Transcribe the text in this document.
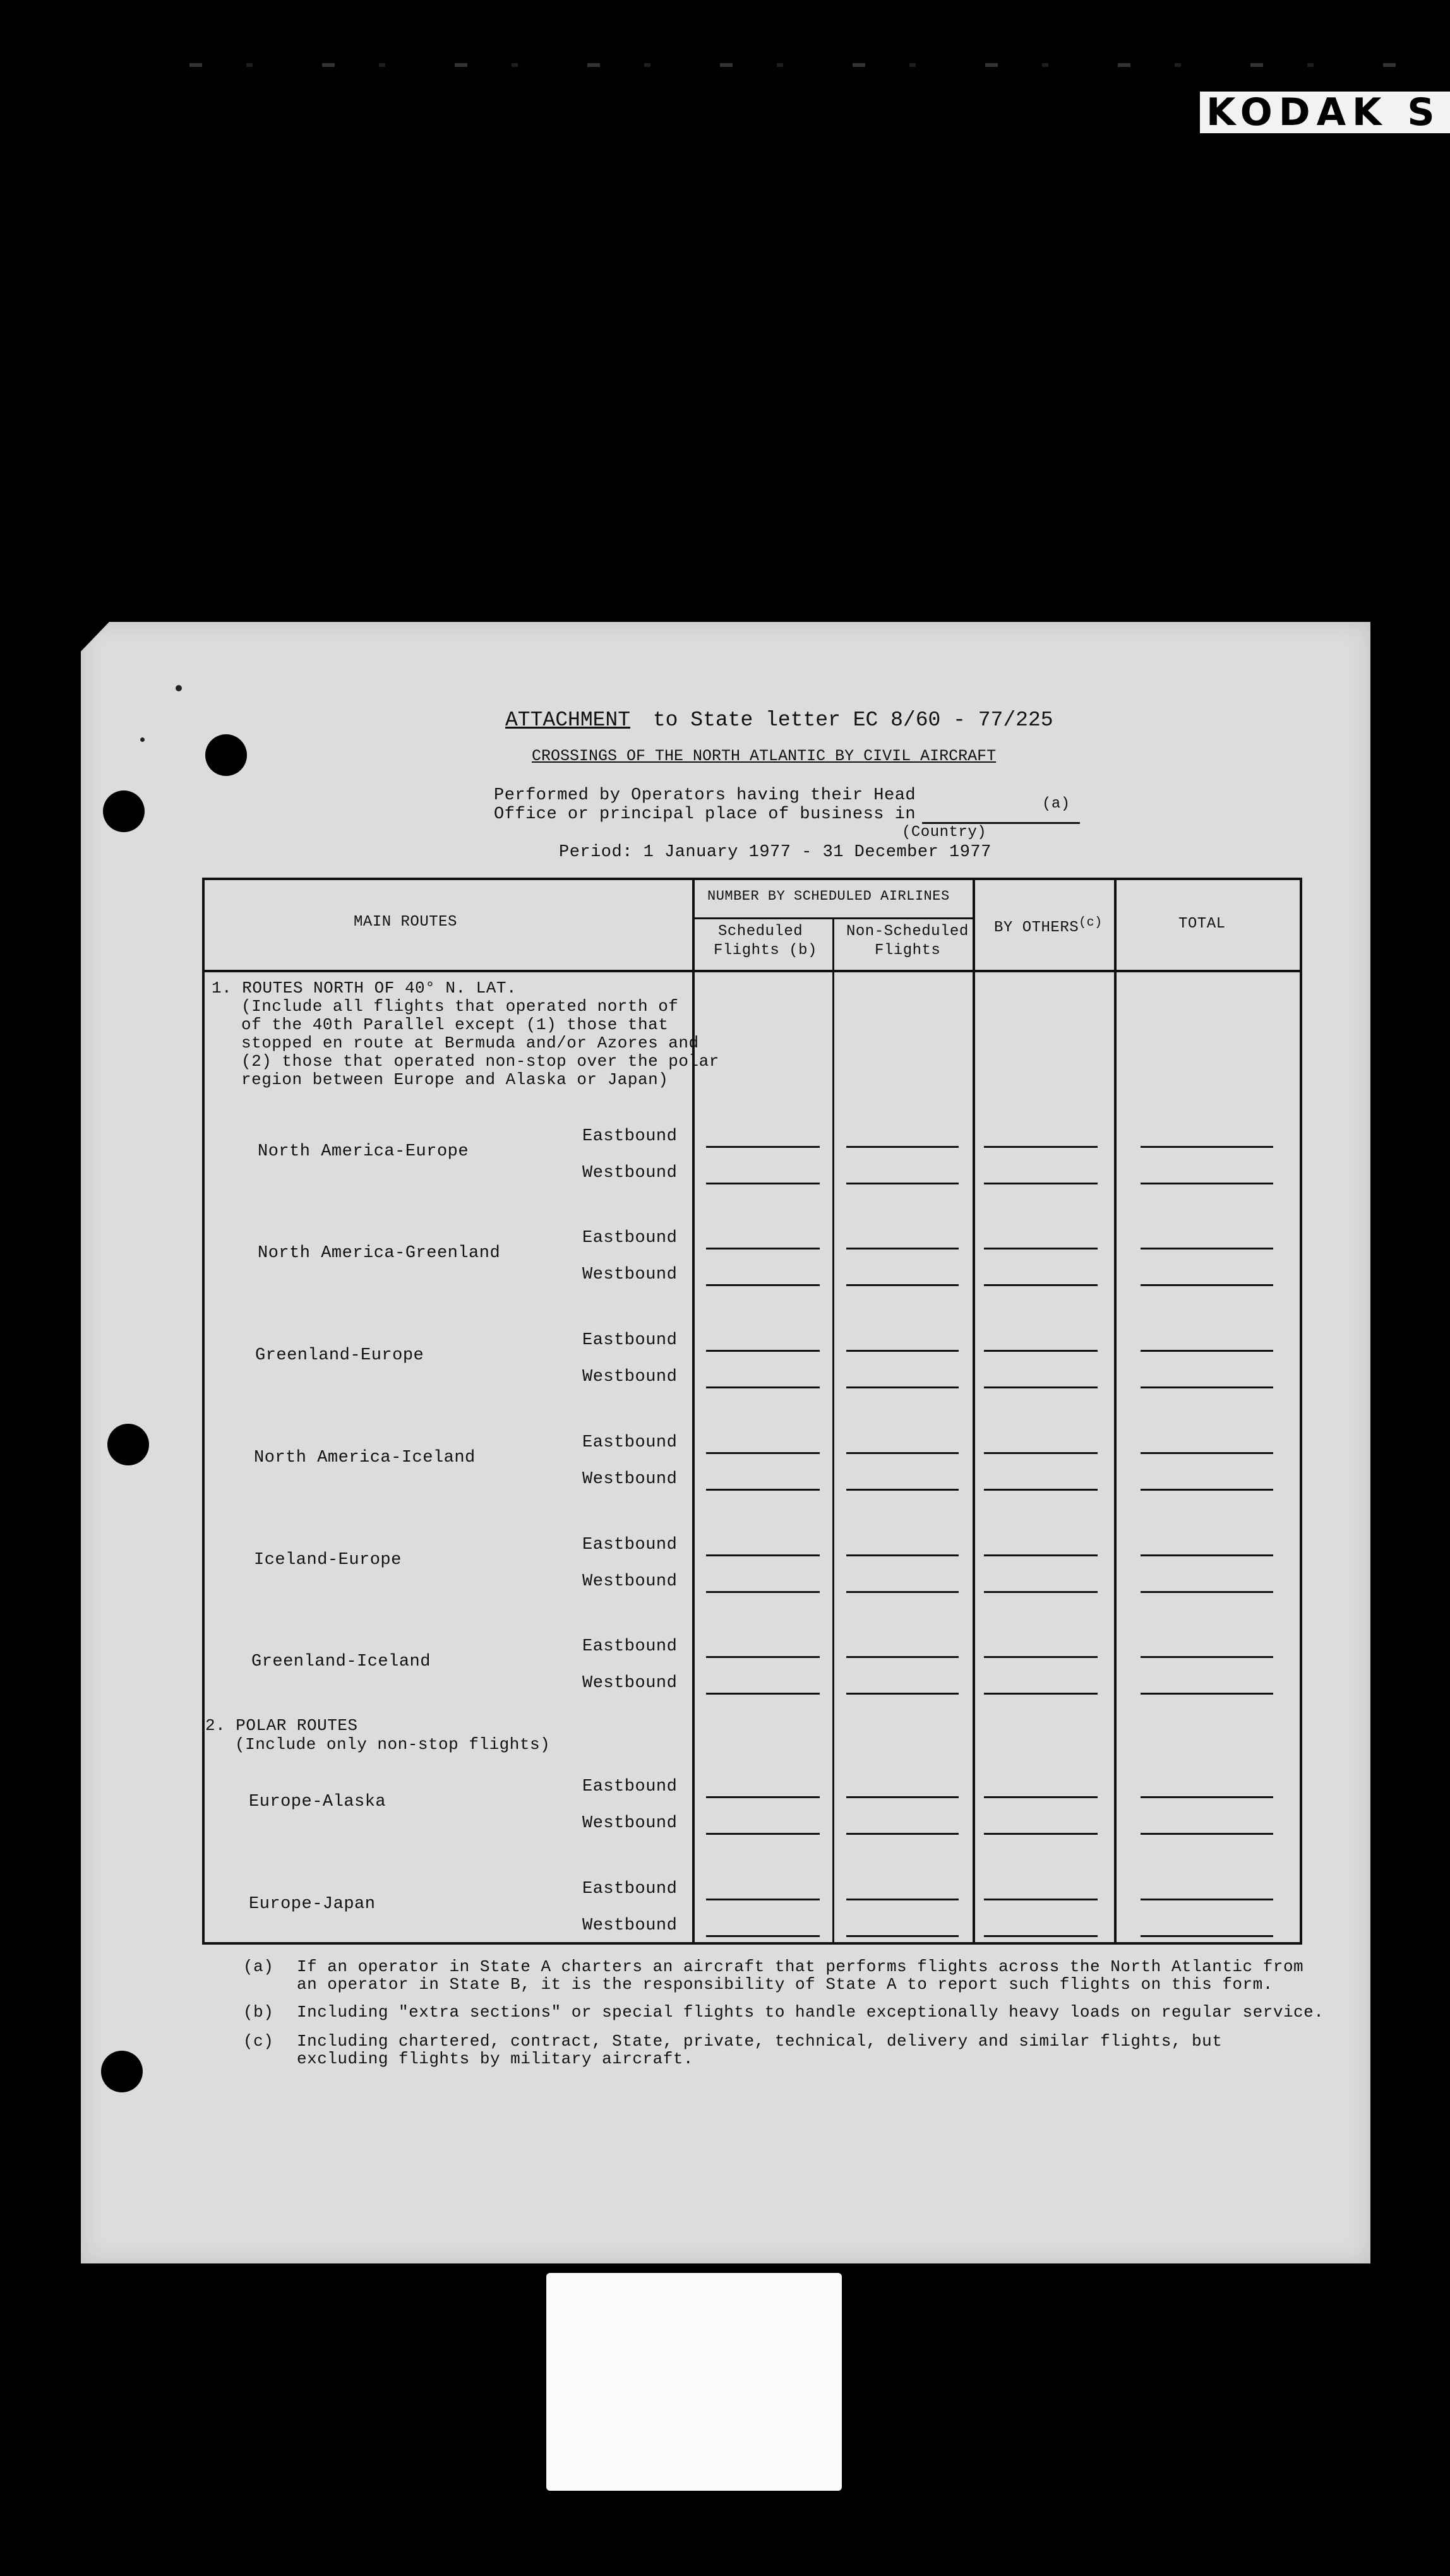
KODAK S
ATTACHMENT to State letter EC 8/60 - 77/225
CROSSINGS OF THE NORTH ATLANTIC BY CIVIL AIRCRAFT
Performed by Operators having their Head
Office or principal place of business in
(a)
(Country)
Period: 1 January 1977 - 31 December 1977
MAIN ROUTES
NUMBER BY SCHEDULED AIRLINES
Scheduled
Flights (b)
Non-Scheduled
Flights
BY OTHERS$^{(c)}$	TOTAL
1. ROUTES NORTH OF 40° N. LAT.
(Include all flights that operated north of
of the 40th Parallel except (1) those that
stopped en route at Bermuda and/or Azores and
(2) those that operated non-stop over the polar
region between Europe and Alaska or Japan)
2. POLAR ROUTES
(Include only non-stop flights)
North America-Europe
Eastbound
Westbound
North America-Greenland
Eastbound
Westbound
Greenland-Europe
Eastbound
Westbound
North America-Iceland
Eastbound
Westbound
Iceland-Europe
Eastbound
Westbound
Greenland-Iceland
Eastbound
Westbound
Europe-Alaska
Eastbound
Westbound
Europe-Japan
Eastbound
Westbound
(a) If an operator in State A charters an aircraft that performs flights across the North Atlantic from
an operator in State B, it is the responsibility of State A to report such flights on this form.
(b) Including "extra sections" or special flights to handle exceptionally heavy loads on regular service.
(c) Including chartered, contract, State, private, technical, delivery and similar flights, but
excluding flights by military aircraft.
